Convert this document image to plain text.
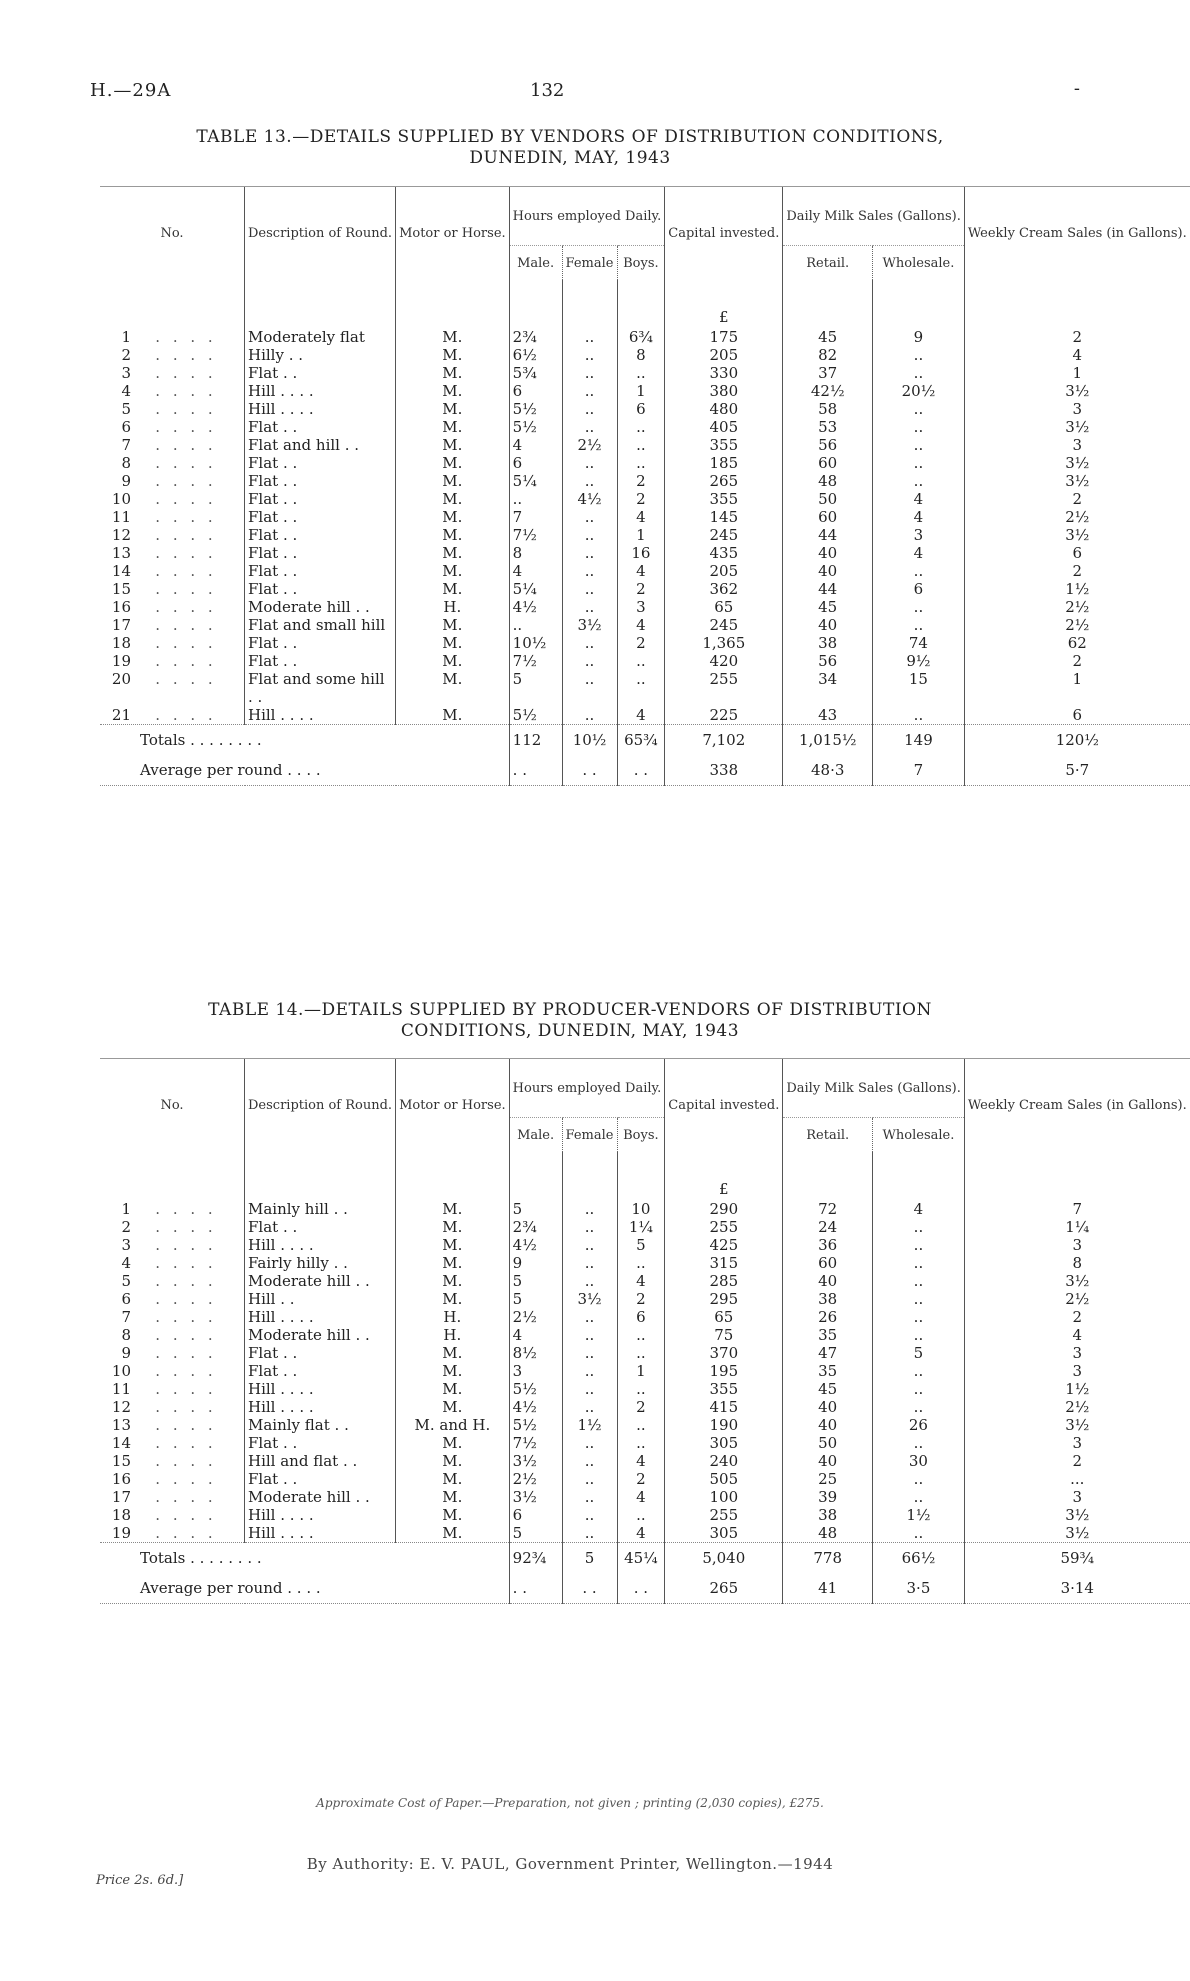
H.—29A	132	-
TABLE 13.—DETAILS SUPPLIED BY VENDORS OF DISTRIBUTION CONDITIONS,
DUNEDIN, MAY, 1943
No.	Description of Round.	Motor or Horse.	Hours employed Daily.			Capital invested.	Daily Milk Sales (Gallons).		Weekly Cream Sales (in Gallons).
			Male.	Female	Boys.		Retail.	Wholesale.	

						£			
1 . . . .	Moderately flat	M.	2¾	..	6¾	175	45	9	2
2 . . . .	Hilly . .	M.	6½	..	8	205	82	..	4
3 . . . .	Flat . .	M.	5¾	..	..	330	37	..	1
4 . . . .	Hill . . . .	M.	6	..	1	380	42½	20½	3½
5 . . . .	Hill . . . .	M.	5½	..	6	480	58	..	3
6 . . . .	Flat . .	M.	5½	..	..	405	53	..	3½
7 . . . .	Flat and hill . .	M.	4	2½	..	355	56	..	3
8 . . . .	Flat . .	M.	6	..	..	185	60	..	3½
9 . . . .	Flat . .	M.	5¼	..	2	265	48	..	3½
10 . . . .	Flat . .	M.	..	4½	2	355	50	4	2
11 . . . .	Flat . .	M.	7	..	4	145	60	4	2½
12 . . . .	Flat . .	M.	7½	..	1	245	44	3	3½
13 . . . .	Flat . .	M.	8	..	16	435	40	4	6
14 . . . .	Flat . .	M.	4	..	4	205	40	..	2
15 . . . .	Flat . .	M.	5¼	..	2	362	44	6	1½
16 . . . .	Moderate hill . .	H.	4½	..	3	65	45	..	2½
17 . . . .	Flat and small hill	M.	..	3½	4	245	40	..	2½
18 . . . .	Flat . .	M.	10½	..	2	1,365	38	74	62
19 . . . .	Flat . .	M.	7½	..	..	420	56	9½	2
20 . . . .	Flat and some hill . .	M.	5	..	..	255	34	15	1
21 . . . .	Hill . . . .	M.	5½	..	4	225	43	..	6
Totals . . . . . . . .			112	10½	65¾	7,102	1,015½	149	120½
Average per round . . . .			. .	. .	. .	338	48·3	7	5·7
TABLE 14.—DETAILS SUPPLIED BY PRODUCER-VENDORS OF DISTRIBUTION
CONDITIONS, DUNEDIN, MAY, 1943
No.	Description of Round.	Motor or Horse.	Hours employed Daily.			Capital invested.	Daily Milk Sales (Gallons).		Weekly Cream Sales (in Gallons).
			Male.	Female	Boys.		Retail.	Wholesale.	

						£			
1 . . . .	Mainly hill . .	M.	5	..	10	290	72	4	7
2 . . . .	Flat . .	M.	2¾	..	1¼	255	24	..	1¼
3 . . . .	Hill . . . .	M.	4½	..	5	425	36	..	3
4 . . . .	Fairly hilly . .	M.	9	..	..	315	60	..	8
5 . . . .	Moderate hill . .	M.	5	..	4	285	40	..	3½
6 . . . .	Hill . .	M.	5	3½	2	295	38	..	2½
7 . . . .	Hill . . . .	H.	2½	..	6	65	26	..	2
8 . . . .	Moderate hill . .	H.	4	..	..	75	35	..	4
9 . . . .	Flat . .	M.	8½	..	..	370	47	5	3
10 . . . .	Flat . .	M.	3	..	1	195	35	..	3
11 . . . .	Hill . . . .	M.	5½	..	..	355	45	..	1½
12 . . . .	Hill . . . .	M.	4½	..	2	415	40	..	2½
13 . . . .	Mainly flat . .	M. and H.	5½	1½	..	190	40	26	3½
14 . . . .	Flat . .	M.	7½	..	..	305	50	..	3
15 . . . .	Hill and flat . .	M.	3½	..	4	240	40	30	2
16 . . . .	Flat . .	M.	2½	..	2	505	25	..	...
17 . . . .	Moderate hill . .	M.	3½	..	4	100	39	..	3
18 . . . .	Hill . . . .	M.	6	..	..	255	38	1½	3½
19 . . . .	Hill . . . .	M.	5	..	4	305	48	..	3½
Totals . . . . . . . .			92¾	5	45¼	5,040	778	66½	59¾
Average per round . . . .			. .	. .	. .	265	41	3·5	3·14
Approximate Cost of Paper.—Preparation, not given ; printing (2,030 copies), £275.
By Authority: E. V. PAUL, Government Printer, Wellington.—1944
Price 2s. 6d.]
